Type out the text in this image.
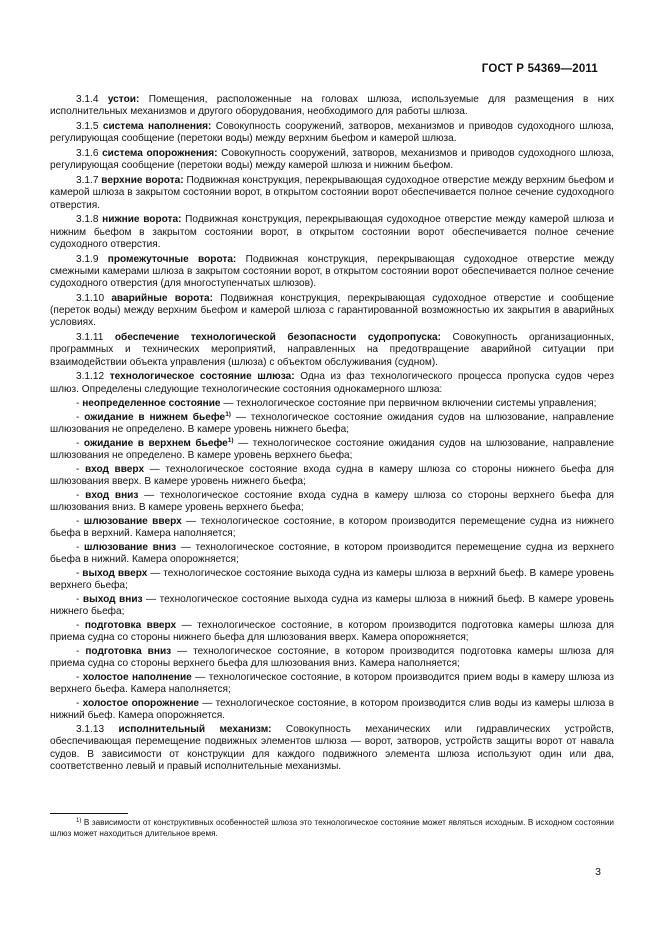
ГОСТ Р 54369—2011

3.1.4 устои: Помещения, расположенные на головах шлюза, используемые для размещения в них исполнительных механизмов и другого оборудования, необходимого для работы шлюза.

3.1.5 система наполнения: Совокупность сооружений, затворов, механизмов и приводов судоходного шлюза, регулирующая сообщение (перетоки воды) между верхним бьефом и камерой шлюза.

3.1.6 система опорожнения: Совокупность сооружений, затворов, механизмов и приводов судоходного шлюза, регулирующая сообщение (перетоки воды) между камерой шлюза и нижним бьефом.

3.1.7 верхние ворота: Подвижная конструкция, перекрывающая судоходное отверстие между верхним бьефом и камерой шлюза в закрытом состоянии ворот, в открытом состоянии ворот обеспечивается полное сечение судоходного отверстия.

3.1.8 нижние ворота: Подвижная конструкция, перекрывающая судоходное отверстие между камерой шлюза и нижним бьефом в закрытом состоянии ворот, в открытом состоянии ворот обеспечивается полное сечение судоходного отверстия.

3.1.9 промежуточные ворота: Подвижная конструкция, перекрывающая судоходное отверстие между смежными камерами шлюза в закрытом состоянии ворот, в открытом состоянии ворот обеспечивается полное сечение судоходного отверстия (для многоступенчатых шлюзов).

3.1.10 аварийные ворота: Подвижная конструкция, перекрывающая судоходное отверстие и сообщение (переток воды) между верхним бьефом и камерой шлюза с гарантированной возможностью их закрытия в аварийных условиях.

3.1.11 обеспечение технологической безопасности судопропуска: Совокупность организационных, программных и технических мероприятий, направленных на предотвращение аварийной ситуации при взаимодействии объекта управления (шлюза) с объектом обслуживания (судном).

3.1.12 технологическое состояние шлюза: Одна из фаз технологического процесса пропуска судов через шлюз. Определены следующие технологические состояния однокамерного шлюза:

- неопределенное состояние — технологическое состояние при первичном включении системы управления;

- ожидание в нижнем бьефе$^{1)}$ — технологическое состояние ожидания судов на шлюзование, направление шлюзования не определено. В камере уровень нижнего бьефа;

- ожидание в верхнем бьефе$^{1)}$ — технологическое состояние ожидания судов на шлюзование, направление шлюзования не определено. В камере уровень верхнего бьефа;

- вход вверх — технологическое состояние входа судна в камеру шлюза со стороны нижнего бьефа для шлюзования вверх. В камере уровень нижнего бьефа;

- вход вниз — технологическое состояние входа судна в камеру шлюза со стороны верхнего бьефа для шлюзования вниз. В камере уровень верхнего бьефа;

- шлюзование вверх — технологическое состояние, в котором производится перемещение судна из нижнего бьефа в верхний. Камера наполняется;

- шлюзование вниз — технологическое состояние, в котором производится перемещение судна из верхнего бьефа в нижний. Камера опорожняется;

- выход вверх — технологическое состояние выхода судна из камеры шлюза в верхний бьеф. В камере уровень верхнего бьефа;

- выход вниз — технологическое состояние выхода судна из камеры шлюза в нижний бьеф. В камере уровень нижнего бьефа;

- подготовка вверх — технологическое состояние, в котором производится подготовка камеры шлюза для приема судна со стороны нижнего бьефа для шлюзования вверх. Камера опорожняется;

- подготовка вниз — технологическое состояние, в котором производится подготовка камеры шлюза для приема судна со стороны верхнего бьефа для шлюзования вниз. Камера наполняется;

- холостое наполнение — технологическое состояние, в котором производится прием воды в камеру шлюза из верхнего бьефа. Камера наполняется;

- холостое опорожнение — технологическое состояние, в котором производится слив воды из камеры шлюза в нижний бьеф. Камера опорожняется.

3.1.13 исполнительный механизм: Совокупность механических или гидравлических устройств, обеспечивающая перемещение подвижных элементов шлюза — ворот, затворов, устройств защиты ворот от навала судов. В зависимости от конструкции для каждого подвижного элемента шлюза используют один или два, соответственно левый и правый исполнительные механизмы.

$^{1)}$ В зависимости от конструктивных особенностей шлюза это технологическое состояние может являться исходным. В исходном состоянии шлюз может находиться длительное время.
3
